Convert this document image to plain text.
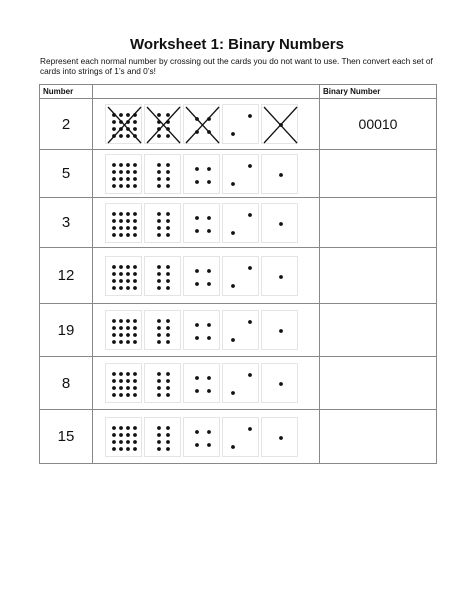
Worksheet 1: Binary Numbers
Represent each normal number by crossing out the cards you do not want to use. Then convert each set of cards into strings of 1’s and 0’s!
Number		Binary Number
2		00010
5	

3	

12	

19	

8	

15	
